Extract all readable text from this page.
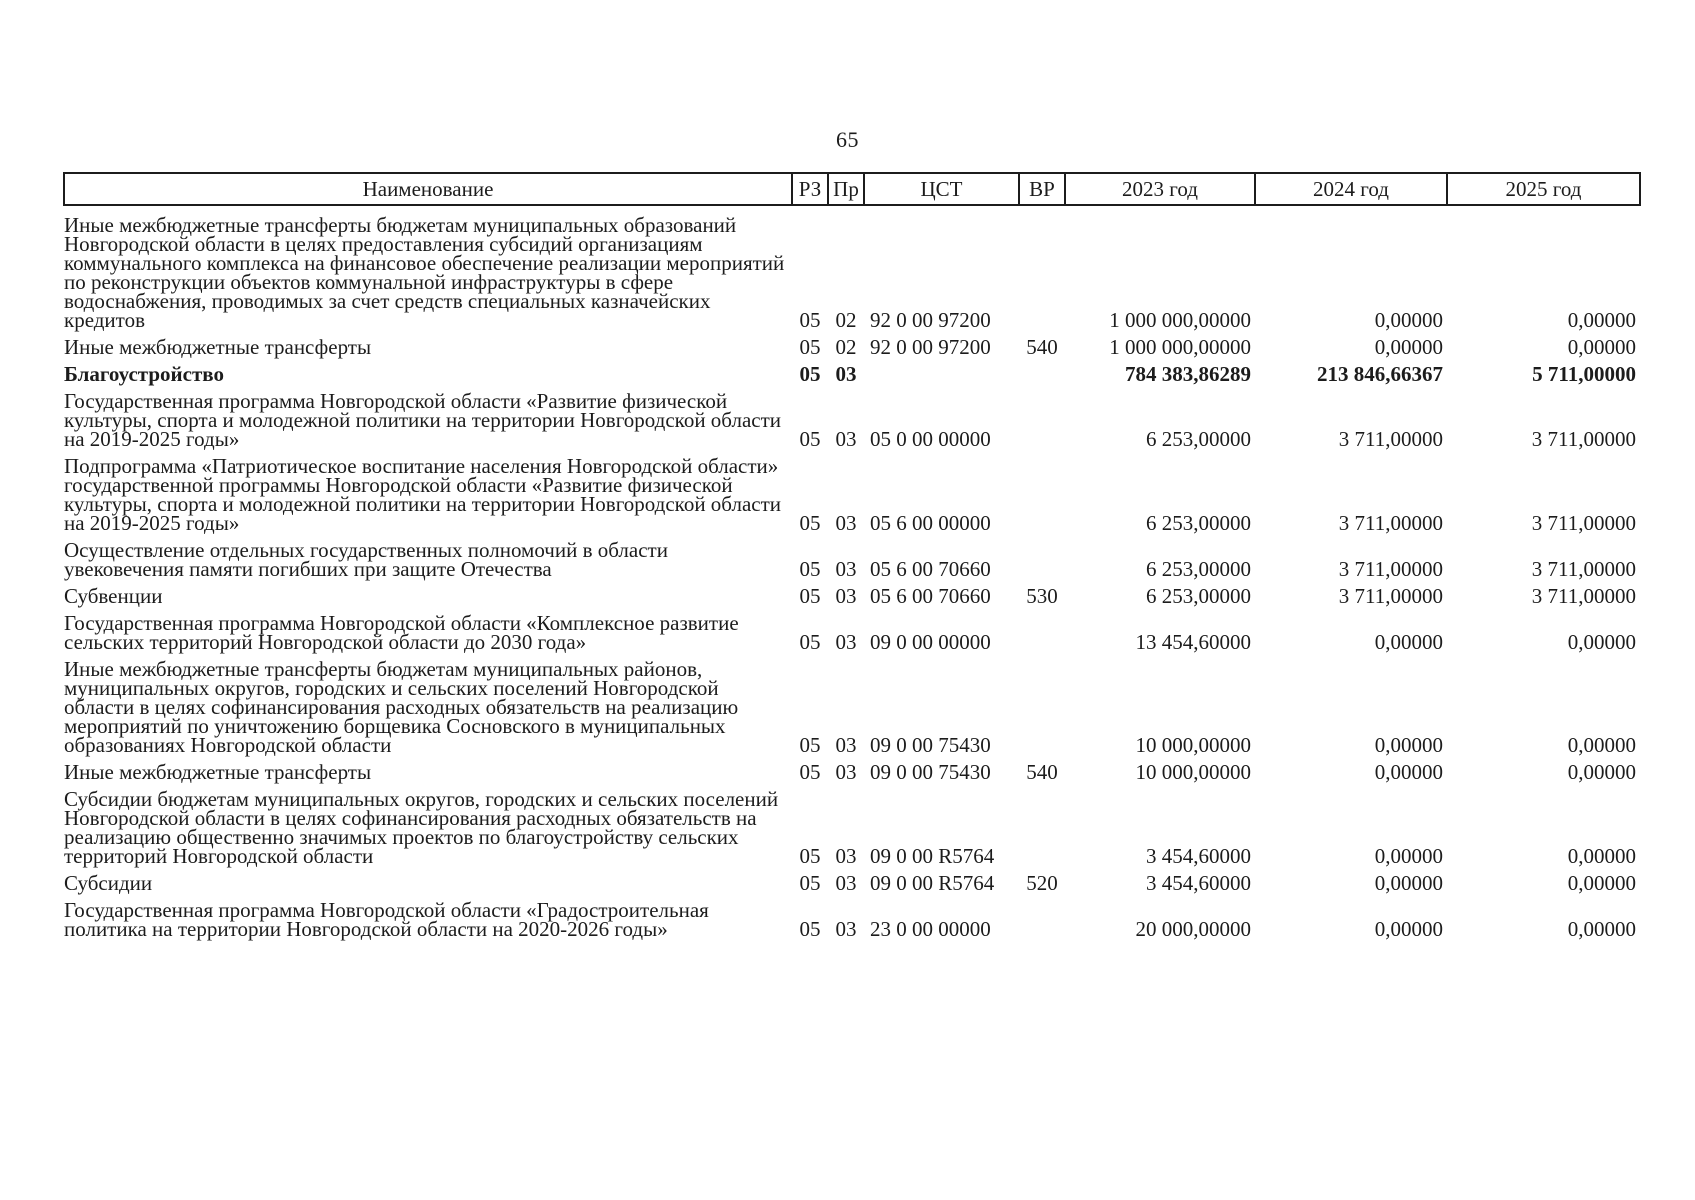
65
Наименование	РЗ	Пр	ЦСТ	ВР	2023 год	2024 год	2025 год
Иные межбюджетные трансферты бюджетам муниципальных образований Новгородской области в целях предоставления субсидий организациям коммунального комплекса на финансовое обеспечение реализации мероприятий по реконструкции объектов коммунальной инфраструктуры в сфере водоснабжения, проводимых за счет средств специальных казначейских кредитов	05	02	92 0 00 97200		1 000 000,00000	0,00000	0,00000
Иные межбюджетные трансферты	05	02	92 0 00 97200	540	1 000 000,00000	0,00000	0,00000
Благоустройство	05	03			784 383,86289	213 846,66367	5 711,00000
Государственная программа Новгородской области «Развитие физической культуры, спорта и молодежной политики на территории Новгородской области на 2019-2025 годы»	05	03	05 0 00 00000		6 253,00000	3 711,00000	3 711,00000
Подпрограмма «Патриотическое воспитание населения Новгородской области» государственной программы Новгородской области «Развитие физической культуры, спорта и молодежной политики на территории Новгородской области на 2019-2025 годы»	05	03	05 6 00 00000		6 253,00000	3 711,00000	3 711,00000
Осуществление отдельных государственных полномочий в области увековечения памяти погибших при защите Отечества	05	03	05 6 00 70660		6 253,00000	3 711,00000	3 711,00000
Субвенции	05	03	05 6 00 70660	530	6 253,00000	3 711,00000	3 711,00000
Государственная программа Новгородской области «Комплексное развитие сельских территорий Новгородской области до 2030 года»	05	03	09 0 00 00000		13 454,60000	0,00000	0,00000
Иные межбюджетные трансферты бюджетам муниципальных районов, муниципальных округов, городских и сельских поселений Новгородской области в целях софинансирования расходных обязательств на реализацию мероприятий по уничтожению борщевика Сосновского в муниципальных образованиях Новгородской области	05	03	09 0 00 75430		10 000,00000	0,00000	0,00000
Иные межбюджетные трансферты	05	03	09 0 00 75430	540	10 000,00000	0,00000	0,00000
Субсидии бюджетам муниципальных округов, городских и сельских поселений Новгородской области в целях софинансирования расходных обязательств на реализацию общественно значимых проектов по благоустройству сельских территорий Новгородской области	05	03	09 0 00 R5764		3 454,60000	0,00000	0,00000
Субсидии	05	03	09 0 00 R5764	520	3 454,60000	0,00000	0,00000
Государственная программа Новгородской области «Градостроительная политика на территории Новгородской области на 2020-2026 годы»	05	03	23 0 00 00000		20 000,00000	0,00000	0,00000
